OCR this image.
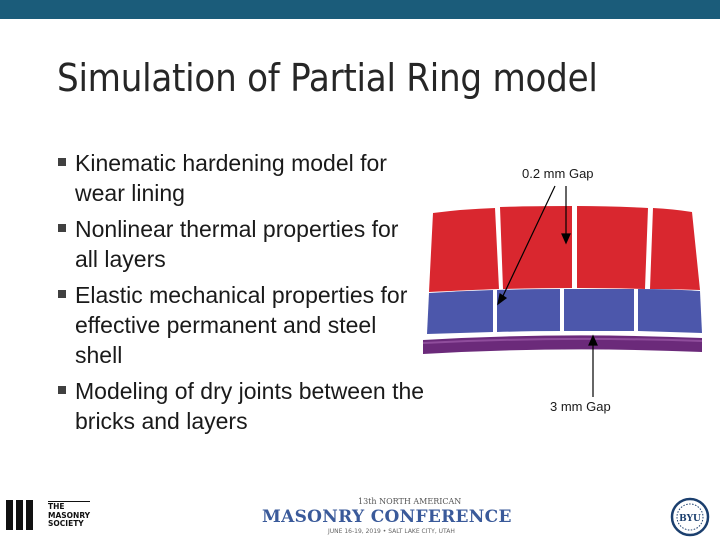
Simulation of Partial Ring model
Kinematic hardening model for wear lining
Nonlinear thermal properties for all layers
Elastic mechanical properties for effective permanent and steel shell
Modeling of dry joints between the bricks and layers
0.2 mm Gap
3 mm Gap
THE
MASONRY
SOCIETY
13th NORTH AMERICAN
MASONRY CONFERENCE
JUNE 16-19, 2019 • SALT LAKE CITY, UTAH
BYU
